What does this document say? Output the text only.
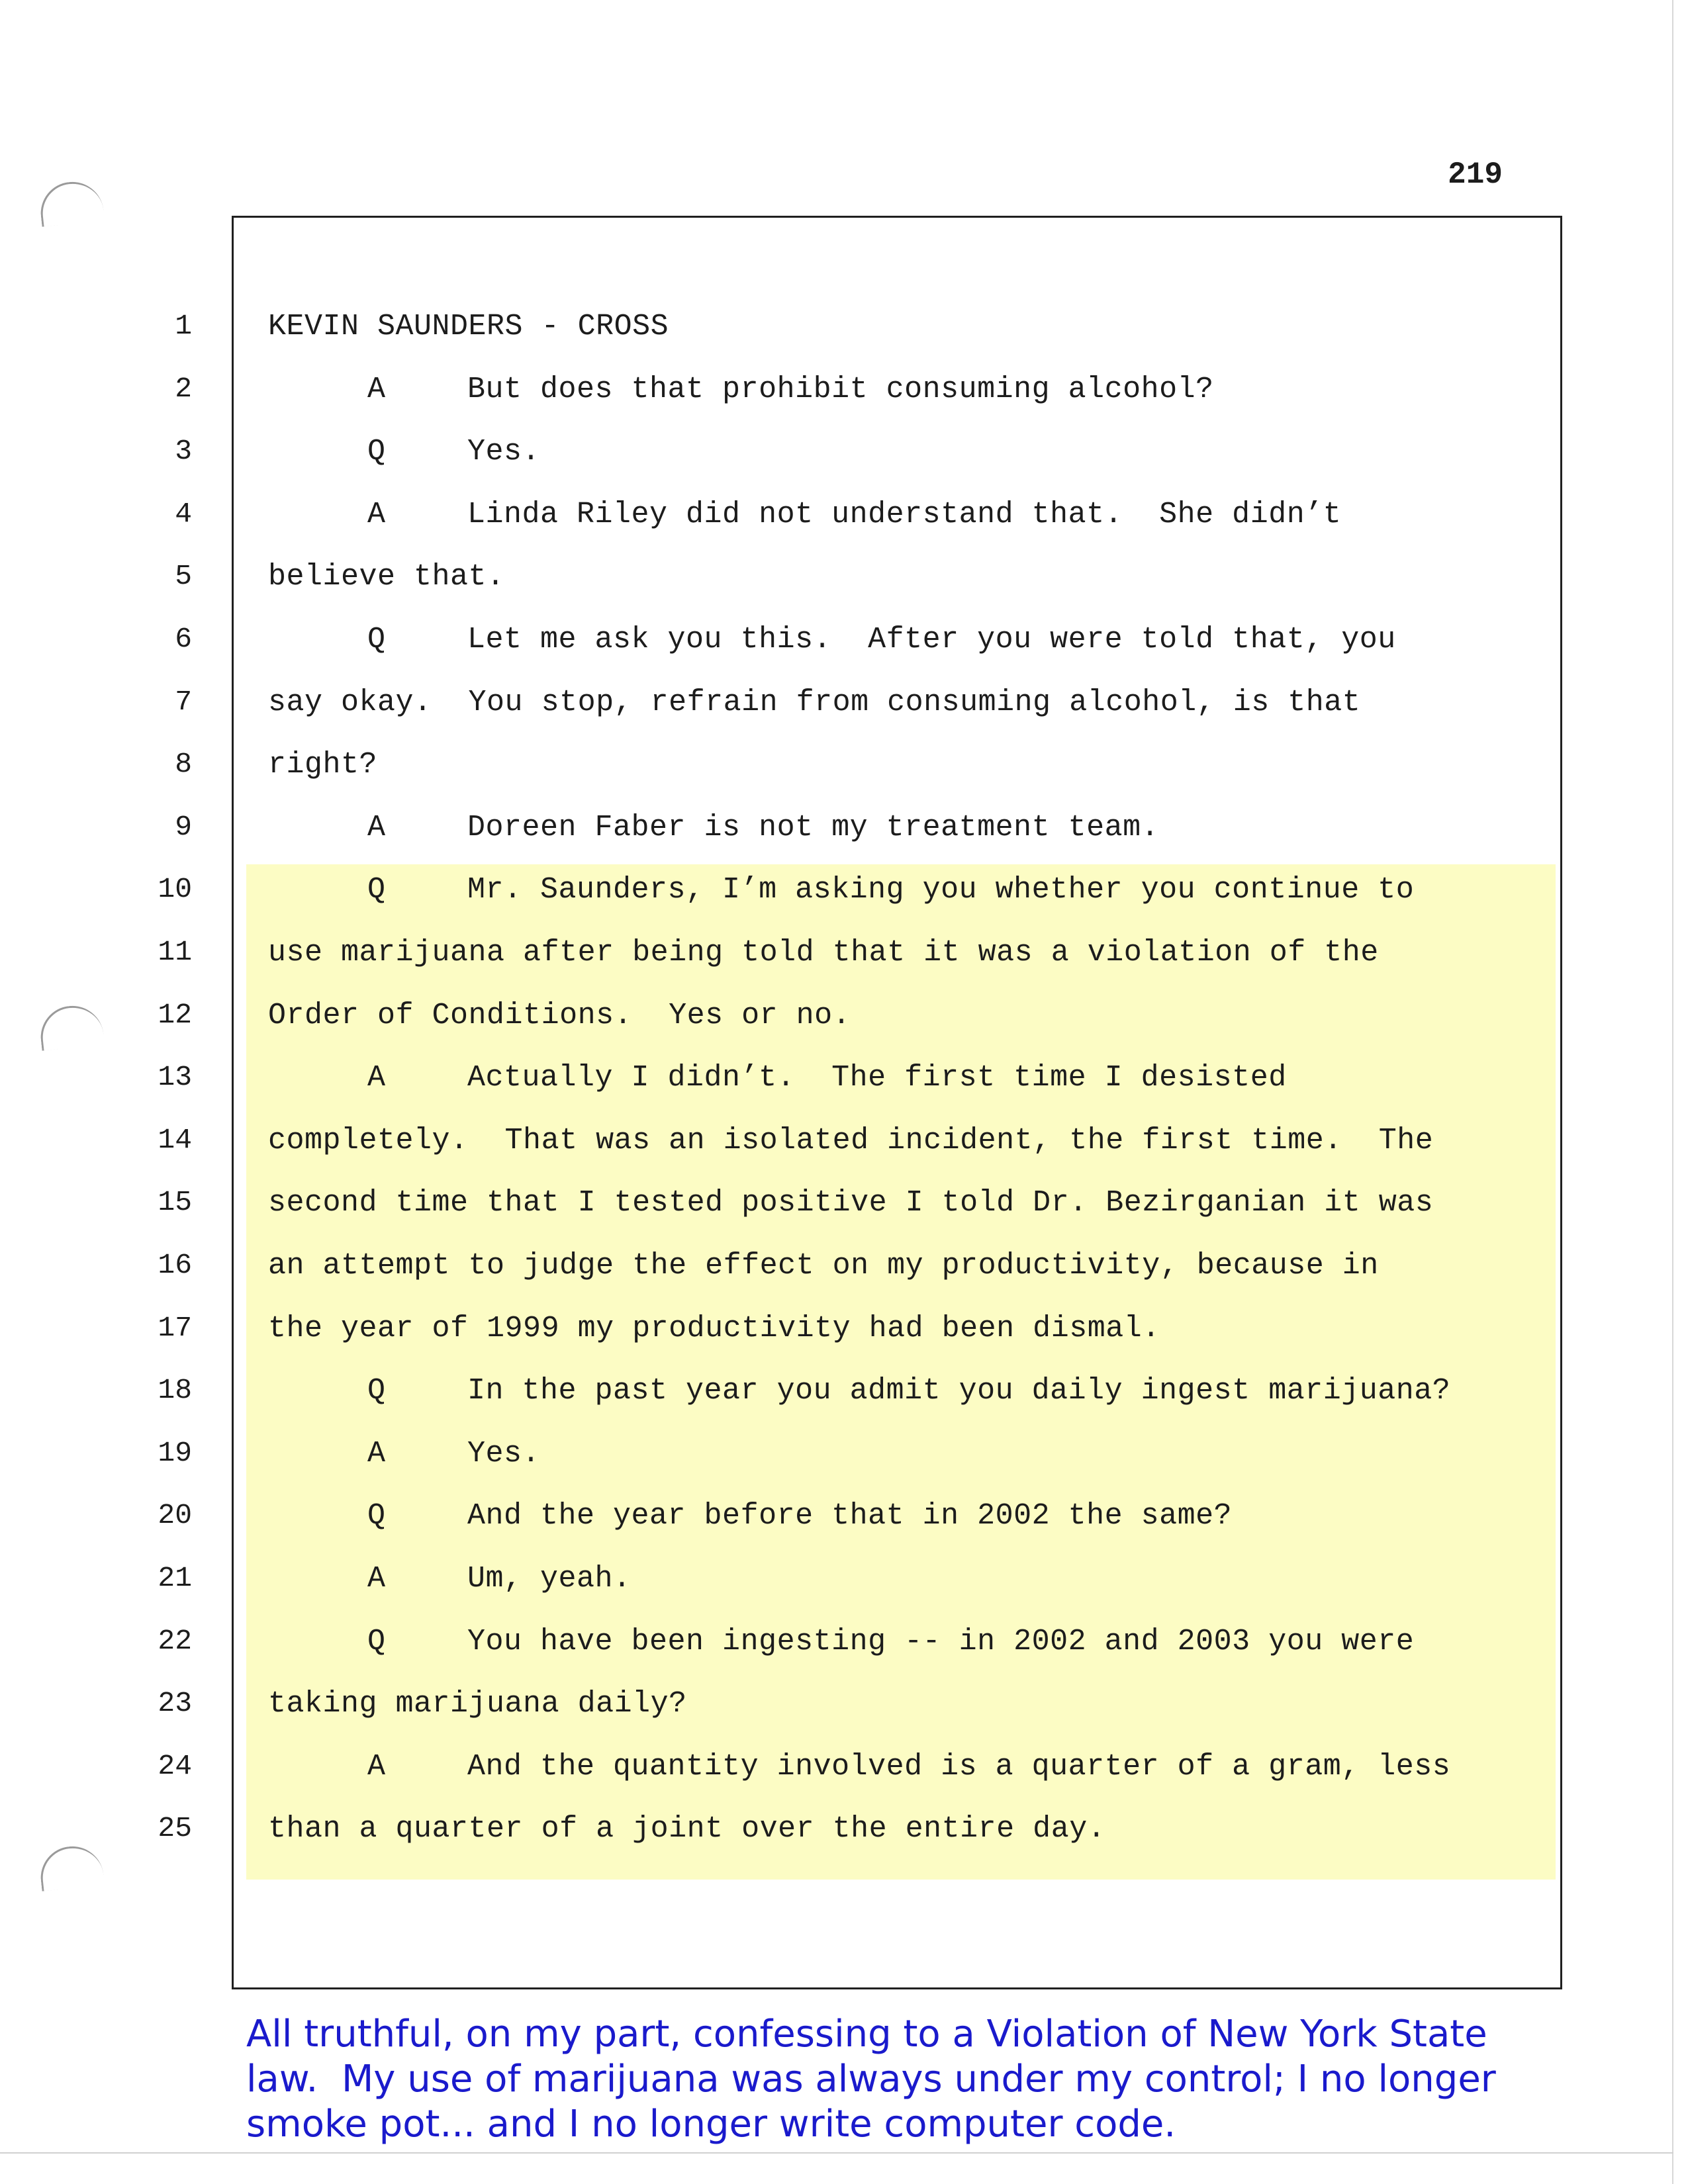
219
1	KEVIN SAUNDERS - CROSS
2	A	But does that prohibit consuming alcohol?
3	Q	Yes.
4	A	Linda Riley did not understand that.  She didn’t
5	believe that.
6	Q	Let me ask you this.  After you were told that, you
7	say okay.  You stop, refrain from consuming alcohol, is that
8	right?
9	A	Doreen Faber is not my treatment team.
10	Q	Mr. Saunders, I’m asking you whether you continue to
11	use marijuana after being told that it was a violation of the
12	Order of Conditions.  Yes or no.
13	A	Actually I didn’t.  The first time I desisted
14	completely.  That was an isolated incident, the first time.  The
15	second time that I tested positive I told Dr. Bezirganian it was
16	an attempt to judge the effect on my productivity, because in
17	the year of 1999 my productivity had been dismal.
18	Q	In the past year you admit you daily ingest marijuana?
19	A	Yes.
20	Q	And the year before that in 2002 the same?
21	A	Um, yeah.
22	Q	You have been ingesting -- in 2002 and 2003 you were
23	taking marijuana daily?
24	A	And the quantity involved is a quarter of a gram, less
25	than a quarter of a joint over the entire day.
All truthful, on my part, confessing to a Violation of New York State
law.  My use of marijuana was always under my control; I no longer
smoke pot... and I no longer write computer code.
